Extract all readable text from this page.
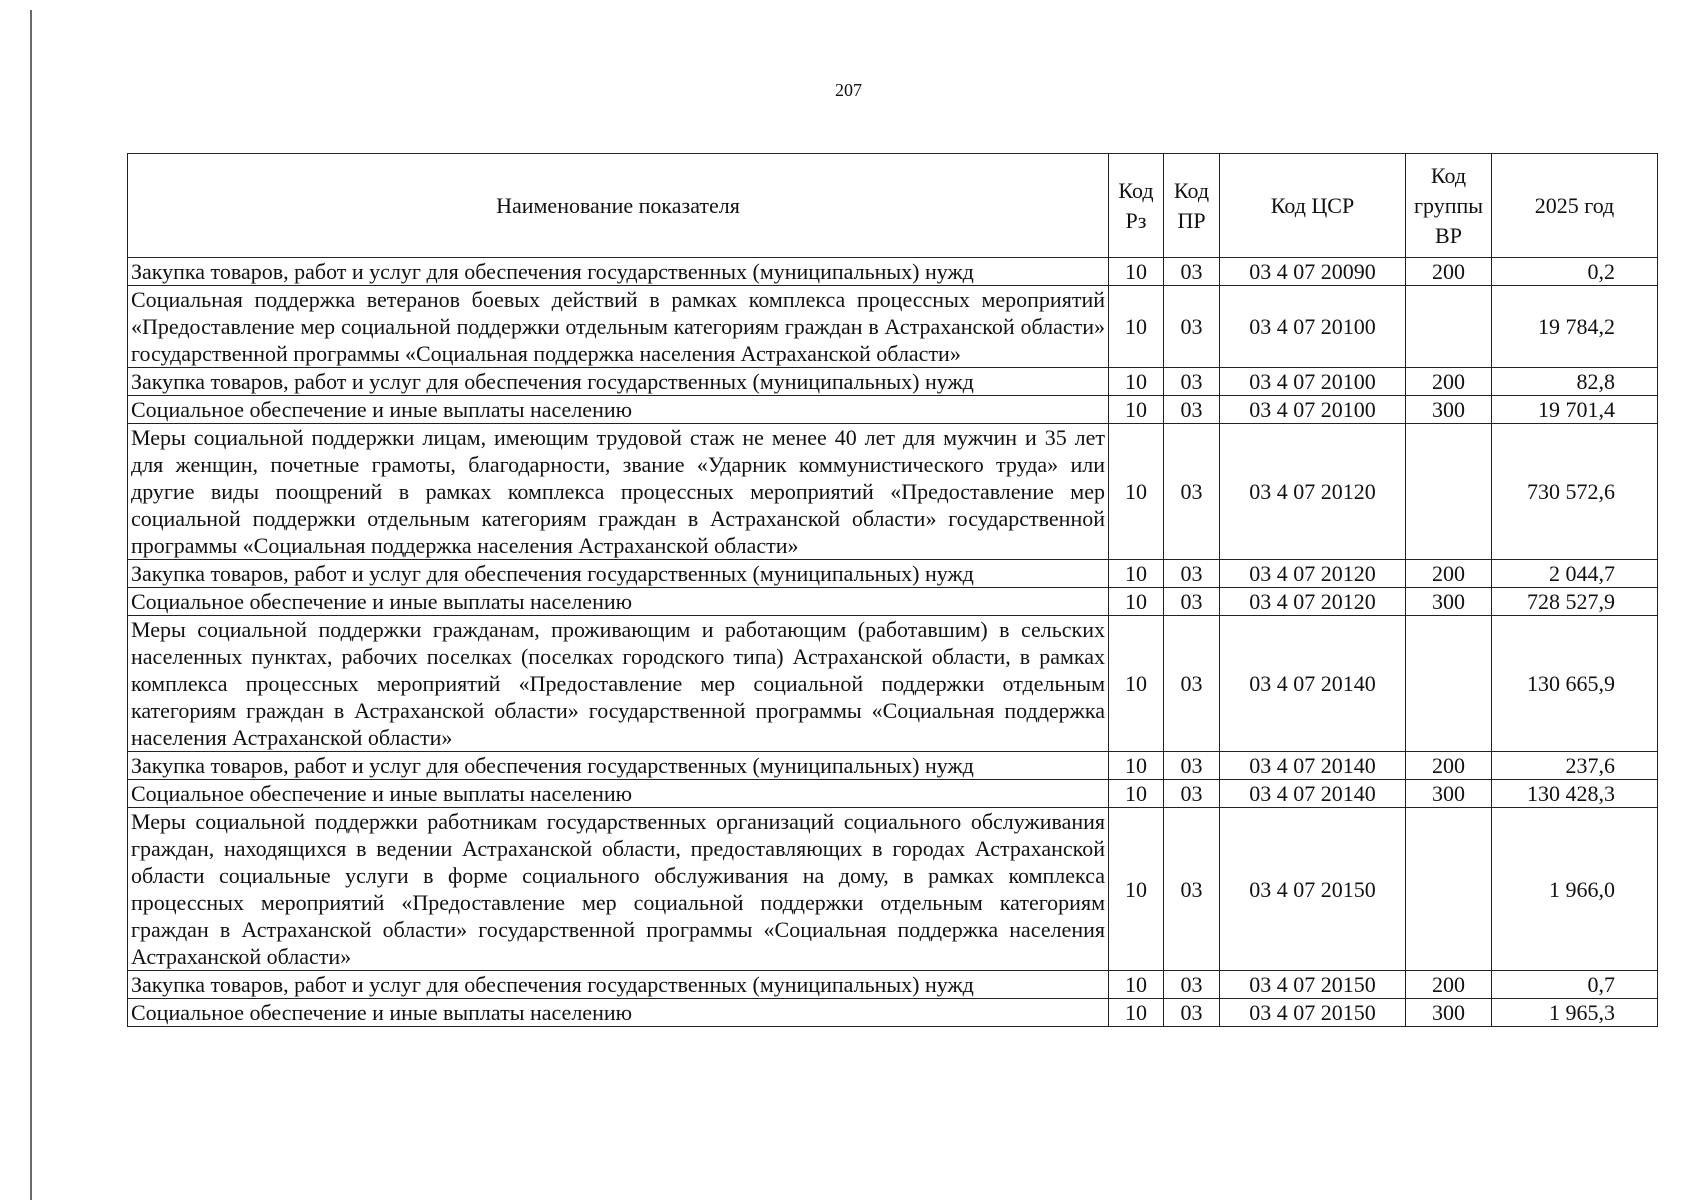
207
Наименование показателя	Код Рз	Код ПР	Код ЦСР	Код группы ВР	2025 год
Закупка товаров, работ и услуг для обеспечения государственных (муниципальных) нужд	10	03	03 4 07 20090	200	0,2
Социальная поддержка ветеранов боевых действий в рамках комплекса процессных мероприятий «Предоставление мер социальной поддержки отдельным категориям граждан в Астраханской области» государственной программы «Социальная поддержка населения Астраханской области»	10	03	03 4 07 20100		19 784,2
Закупка товаров, работ и услуг для обеспечения государственных (муниципальных) нужд	10	03	03 4 07 20100	200	82,8
Социальное обеспечение и иные выплаты населению	10	03	03 4 07 20100	300	19 701,4
Меры социальной поддержки лицам, имеющим трудовой стаж не менее 40 лет для мужчин и 35 лет для женщин, почетные грамоты, благодарности, звание «Ударник коммунистического труда» или другие виды поощрений в рамках комплекса процессных мероприятий «Предоставление мер социальной поддержки отдельным категориям граждан в Астраханской области» государственной программы «Социальная поддержка населения Астраханской области»	10	03	03 4 07 20120		730 572,6
Закупка товаров, работ и услуг для обеспечения государственных (муниципальных) нужд	10	03	03 4 07 20120	200	2 044,7
Социальное обеспечение и иные выплаты населению	10	03	03 4 07 20120	300	728 527,9
Меры социальной поддержки гражданам, проживающим и работающим (работавшим) в сельских населенных пунктах, рабочих поселках (поселках городского типа) Астраханской области, в рамках комплекса процессных мероприятий «Предоставление мер социальной поддержки отдельным категориям граждан в Астраханской области» государственной программы «Социальная поддержка населения Астраханской области»	10	03	03 4 07 20140		130 665,9
Закупка товаров, работ и услуг для обеспечения государственных (муниципальных) нужд	10	03	03 4 07 20140	200	237,6
Социальное обеспечение и иные выплаты населению	10	03	03 4 07 20140	300	130 428,3
Меры социальной поддержки работникам государственных организаций социального обслуживания граждан, находящихся в ведении Астраханской области, предоставляющих в городах Астраханской области социальные услуги в форме социального обслуживания на дому, в рамках комплекса процессных мероприятий «Предоставление мер социальной поддержки отдельным категориям граждан в Астраханской области» государственной программы «Социальная поддержка населения Астраханской области»	10	03	03 4 07 20150		1 966,0
Закупка товаров, работ и услуг для обеспечения государственных (муниципальных) нужд	10	03	03 4 07 20150	200	0,7
Социальное обеспечение и иные выплаты населению	10	03	03 4 07 20150	300	1 965,3
